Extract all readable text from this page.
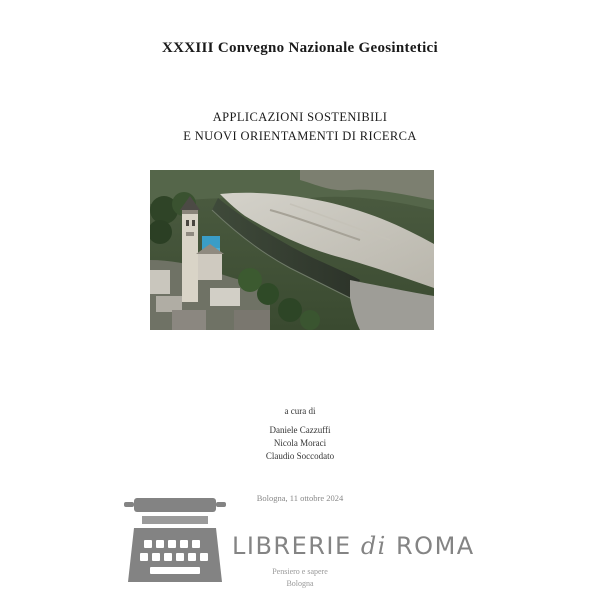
XXXIII Convegno Nazionale Geosintetici
APPLICAZIONI SOSTENIBILI
E NUOVI ORIENTAMENTI DI RICERCA
a cura di
Daniele Cazzuffi
Nicola Moraci
Claudio Soccodato
Bologna, 11 ottobre 2024
LIBRERIE di ROMA
Pensiero e sapere
Bologna
